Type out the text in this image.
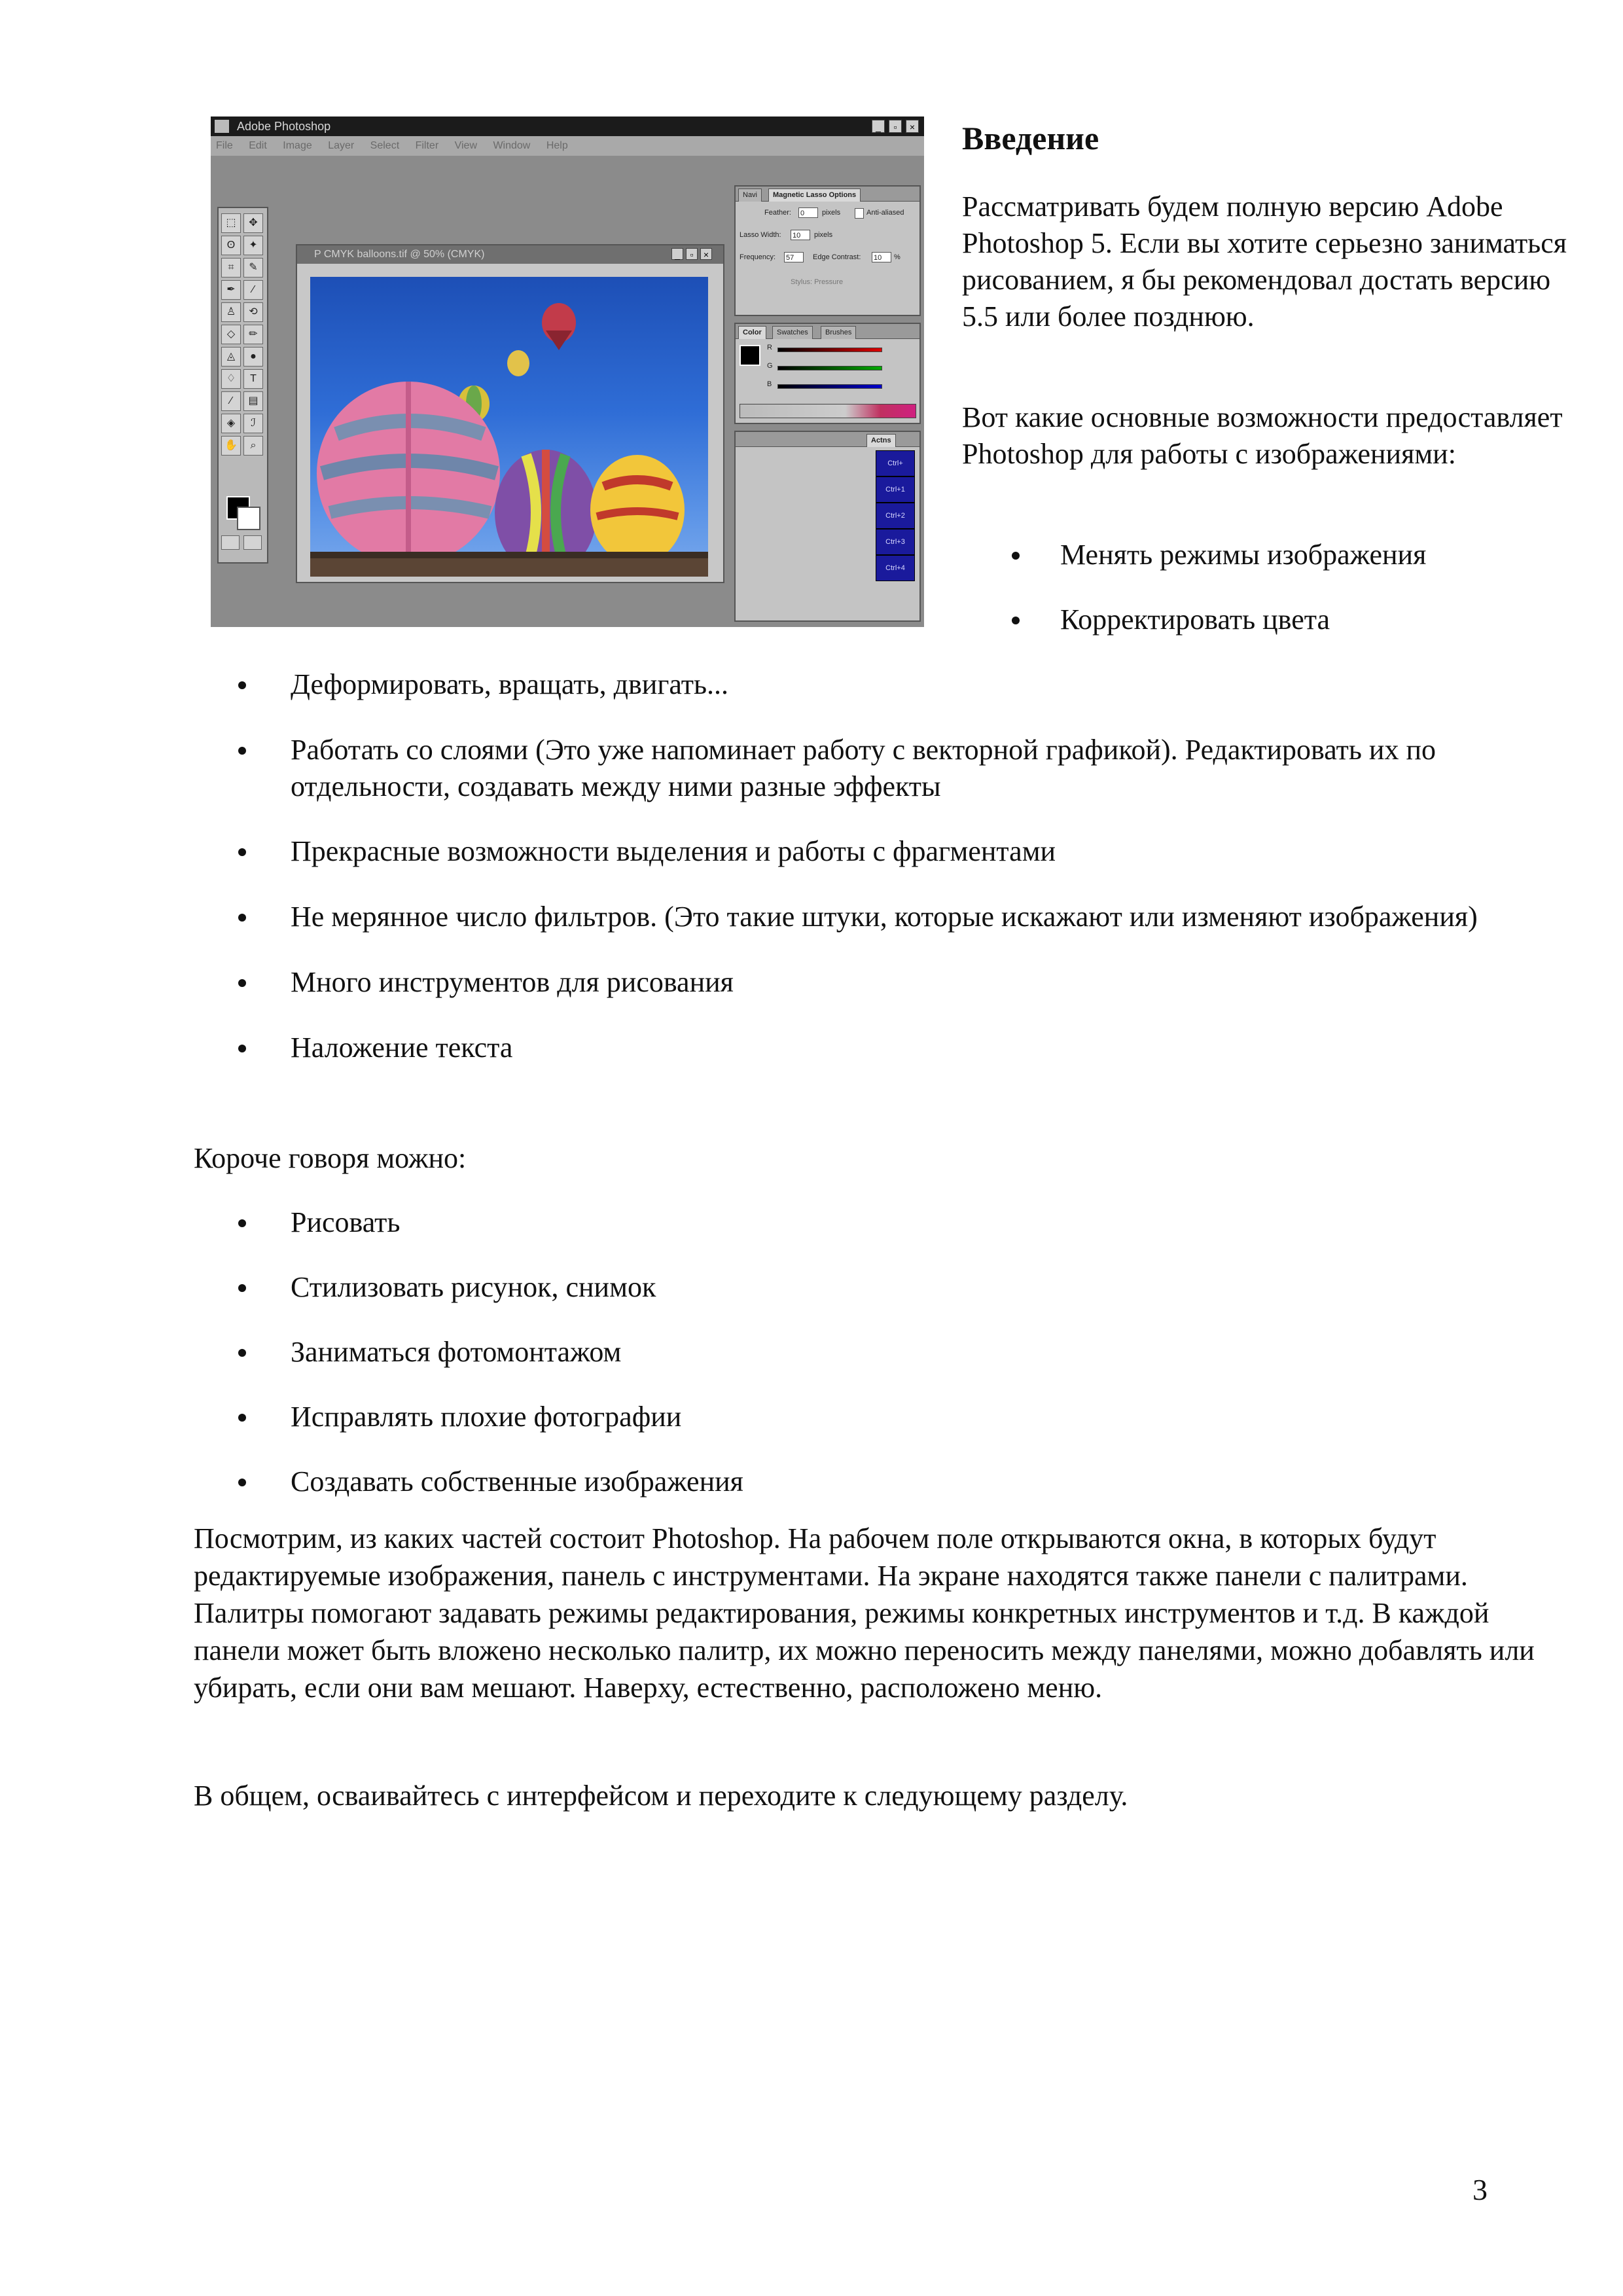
Adobe Photoshop	_	▫	×
File Edit Image Layer Select Filter View Window Help
⬚	✥
ʘ	✦
⌗	✎
✒	⁄
♙	⟲
◇	✏
◬	●
♢	T
⁄	▤
◈	ℐ
✋	⌕
P CMYK balloons.tif @ 50% (CMYK)	_	▫	×
Navi	Magnetic Lasso Options
Feather: 0	pixels	Anti-aliased
Lasso Width: 10	pixels
Frequency: 57	Edge Contrast: 10	%
Stylus: Pressure
Color	Swatches	Brushes
R
G
B
Actns
Ctrl+
Ctrl+1
Ctrl+2
Ctrl+3
Ctrl+4
Введение

Рассматривать будем полную версию Adobe Photoshop 5. Если вы хотите серьезно заниматься рисованием, я бы рекомендовал достать версию 5.5 или более позднюю.

Вот какие основные возможности предоставляет Photoshop для работы с изображениями:

Менять режимы изображения
Корректировать цвета
Деформировать, вращать, двигать...
Работать со слоями (Это уже напоминает работу с векторной графикой). Редактировать их по отдельности, создавать между ними разные эффекты
Прекрасные возможности выделения и работы с фрагментами
Не мерянное число фильтров. (Это такие штуки, которые искажают или изменяют изображения)
Много инструментов для рисования
Наложение текста

Короче говоря можно:

Рисовать
Стилизовать рисунок, снимок
Заниматься фотомонтажом
Исправлять плохие фотографии
Создавать собственные изображения

Посмотрим, из каких частей состоит Photoshop. На рабочем поле открываются окна, в которых будут редактируемые изображения, панель с инструментами. На экране находятся также панели с палитрами. Палитры помогают задавать режимы редактирования, режимы конкретных инструментов и т.д. В каждой панели может быть вложено несколько палитр, их можно переносить между панелями, можно добавлять или убирать, если они вам мешают. Наверху, естественно, расположено меню.

В общем, осваивайтесь с интерфейсом и переходите к следующему разделу.

3
